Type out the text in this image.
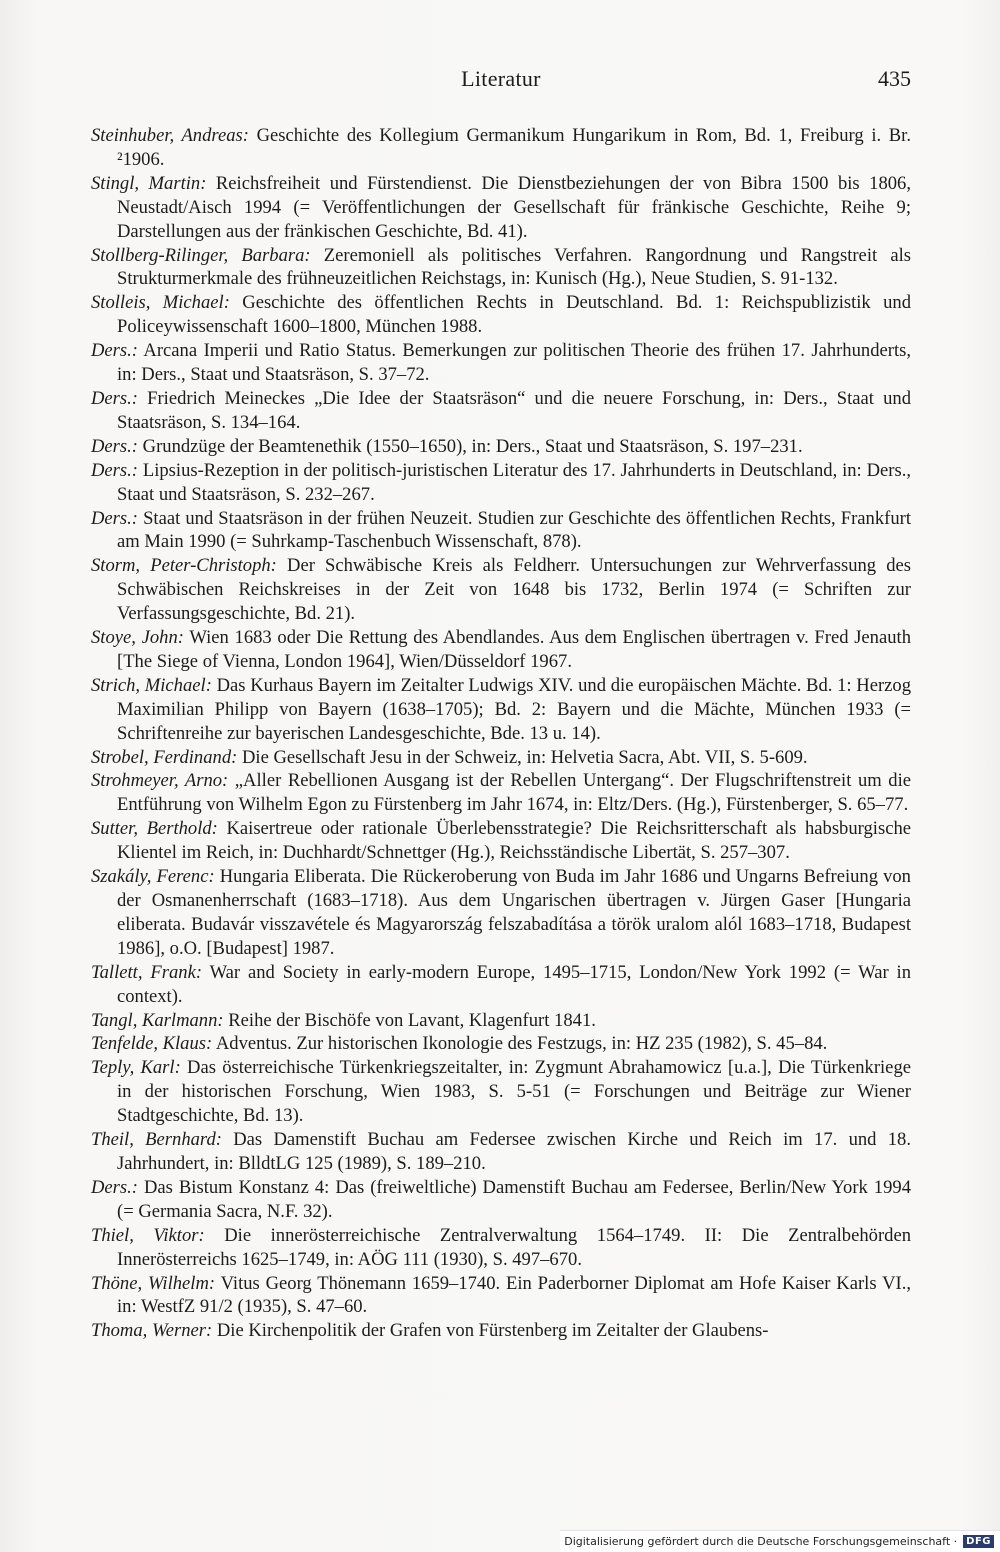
Literatur	435

Steinhuber, Andreas: Geschichte des Kollegium Germanikum Hungarikum in Rom, Bd. 1, Freiburg i. Br. ²1906.

Stingl, Martin: Reichsfreiheit und Fürstendienst. Die Dienstbeziehungen der von Bibra 1500 bis 1806, Neustadt/Aisch 1994 (= Veröffentlichungen der Gesellschaft für fränkische Geschichte, Reihe 9; Darstellungen aus der fränkischen Geschichte, Bd. 41).

Stollberg-Rilinger, Barbara: Zeremoniell als politisches Verfahren. Rangordnung und Rangstreit als Strukturmerkmale des frühneuzeitlichen Reichstags, in: Kunisch (Hg.), Neue Studien, S. 91-132.

Stolleis, Michael: Geschichte des öffentlichen Rechts in Deutschland. Bd. 1: Reichspublizistik und Policeywissenschaft 1600–1800, München 1988.

Ders.: Arcana Imperii und Ratio Status. Bemerkungen zur politischen Theorie des frühen 17. Jahrhunderts, in: Ders., Staat und Staatsräson, S. 37–72.

Ders.: Friedrich Meineckes „Die Idee der Staatsräson“ und die neuere Forschung, in: Ders., Staat und Staatsräson, S. 134–164.

Ders.: Grundzüge der Beamtenethik (1550–1650), in: Ders., Staat und Staatsräson, S. 197–231.

Ders.: Lipsius-Rezeption in der politisch-juristischen Literatur des 17. Jahrhunderts in Deutschland, in: Ders., Staat und Staatsräson, S. 232–267.

Ders.: Staat und Staatsräson in der frühen Neuzeit. Studien zur Geschichte des öffentlichen Rechts, Frankfurt am Main 1990 (= Suhrkamp-Taschenbuch Wissenschaft, 878).

Storm, Peter-Christoph: Der Schwäbische Kreis als Feldherr. Untersuchungen zur Wehrverfassung des Schwäbischen Reichskreises in der Zeit von 1648 bis 1732, Berlin 1974 (= Schriften zur Verfassungsgeschichte, Bd. 21).

Stoye, John: Wien 1683 oder Die Rettung des Abendlandes. Aus dem Englischen übertragen v. Fred Jenauth [The Siege of Vienna, London 1964], Wien/Düsseldorf 1967.

Strich, Michael: Das Kurhaus Bayern im Zeitalter Ludwigs XIV. und die europäischen Mächte. Bd. 1: Herzog Maximilian Philipp von Bayern (1638–1705); Bd. 2: Bayern und die Mächte, München 1933 (= Schriftenreihe zur bayerischen Landesgeschichte, Bde. 13 u. 14).

Strobel, Ferdinand: Die Gesellschaft Jesu in der Schweiz, in: Helvetia Sacra, Abt. VII, S. 5-609.

Strohmeyer, Arno: „Aller Rebellionen Ausgang ist der Rebellen Untergang“. Der Flugschriftenstreit um die Entführung von Wilhelm Egon zu Fürstenberg im Jahr 1674, in: Eltz/Ders. (Hg.), Fürstenberger, S. 65–77.

Sutter, Berthold: Kaisertreue oder rationale Überlebensstrategie? Die Reichsritterschaft als habsburgische Klientel im Reich, in: Duchhardt/Schnettger (Hg.), Reichsständische Libertät, S. 257–307.

Szakály, Ferenc: Hungaria Eliberata. Die Rückeroberung von Buda im Jahr 1686 und Ungarns Befreiung von der Osmanenherrschaft (1683–1718). Aus dem Ungarischen übertragen v. Jürgen Gaser [Hungaria eliberata. Budavár visszavétele és Magyarország felszabadítása a török uralom alól 1683–1718, Budapest 1986], o.O. [Budapest] 1987.

Tallett, Frank: War and Society in early-modern Europe, 1495–1715, London/New York 1992 (= War in context).

Tangl, Karlmann: Reihe der Bischöfe von Lavant, Klagenfurt 1841.

Tenfelde, Klaus: Adventus. Zur historischen Ikonologie des Festzugs, in: HZ 235 (1982), S. 45–84.

Teply, Karl: Das österreichische Türkenkriegszeitalter, in: Zygmunt Abrahamowicz [u.a.], Die Türkenkriege in der historischen Forschung, Wien 1983, S. 5-51 (= Forschungen und Beiträge zur Wiener Stadtgeschichte, Bd. 13).

Theil, Bernhard: Das Damenstift Buchau am Federsee zwischen Kirche und Reich im 17. und 18. Jahrhundert, in: BlldtLG 125 (1989), S. 189–210.

Ders.: Das Bistum Konstanz 4: Das (freiweltliche) Damenstift Buchau am Federsee, Berlin/New York 1994 (= Germania Sacra, N.F. 32).

Thiel, Viktor: Die innerösterreichische Zentralverwaltung 1564–1749. II: Die Zentralbehörden Innerösterreichs 1625–1749, in: AÖG 111 (1930), S. 497–670.

Thöne, Wilhelm: Vitus Georg Thönemann 1659–1740. Ein Paderborner Diplomat am Hofe Kaiser Karls VI., in: WestfZ 91/2 (1935), S. 47–60.

Thoma, Werner: Die Kirchenpolitik der Grafen von Fürstenberg im Zeitalter der Glaubens-

Digitalisierung gefördert durch die Deutsche Forschungsgemeinschaft · DFG
